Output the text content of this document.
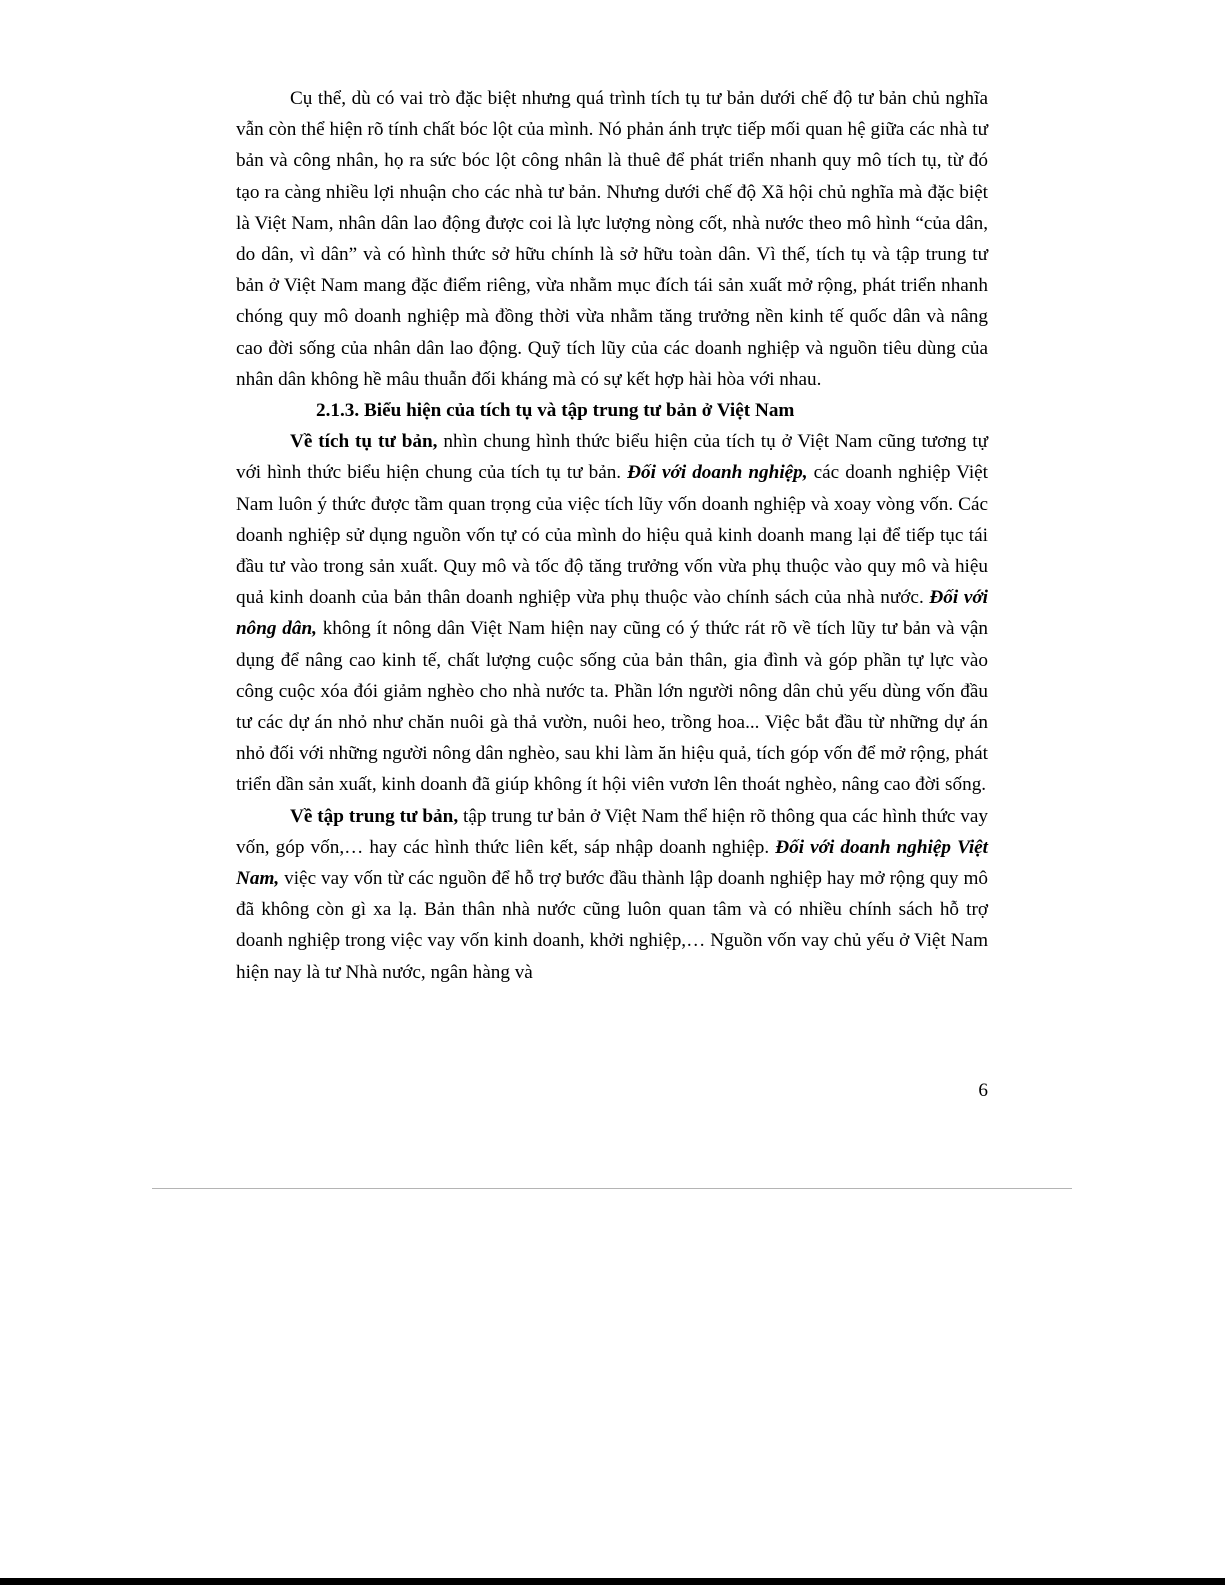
Cụ thể, dù có vai trò đặc biệt nhưng quá trình tích tụ tư bản dưới chế độ tư bản chủ nghĩa vẫn còn thể hiện rõ tính chất bóc lột của mình. Nó phản ánh trực tiếp mối quan hệ giữa các nhà tư bản và công nhân, họ ra sức bóc lột công nhân là thuê để phát triển nhanh quy mô tích tụ, từ đó tạo ra càng nhiều lợi nhuận cho các nhà tư bản. Nhưng dưới chế độ Xã hội chủ nghĩa mà đặc biệt là Việt Nam, nhân dân lao động được coi là lực lượng nòng cốt, nhà nước theo mô hình “của dân, do dân, vì dân” và có hình thức sở hữu chính là sở hữu toàn dân. Vì thế, tích tụ và tập trung tư bản ở Việt Nam mang đặc điểm riêng, vừa nhằm mục đích tái sản xuất mở rộng, phát triển nhanh chóng quy mô doanh nghiệp mà đồng thời vừa nhằm tăng trưởng nền kinh tế quốc dân và nâng cao đời sống của nhân dân lao động. Quỹ tích lũy của các doanh nghiệp và nguồn tiêu dùng của nhân dân không hề mâu thuẫn đối kháng mà có sự kết hợp hài hòa với nhau.

2.1.3. Biểu hiện của tích tụ và tập trung tư bản ở Việt Nam

Về tích tụ tư bản, nhìn chung hình thức biểu hiện của tích tụ ở Việt Nam cũng tương tự với hình thức biểu hiện chung của tích tụ tư bản. Đối với doanh nghiệp, các doanh nghiệp Việt Nam luôn ý thức được tầm quan trọng của việc tích lũy vốn doanh nghiệp và xoay vòng vốn. Các doanh nghiệp sử dụng nguồn vốn tự có của mình do hiệu quả kinh doanh mang lại để tiếp tục tái đầu tư vào trong sản xuất. Quy mô và tốc độ tăng trưởng vốn vừa phụ thuộc vào quy mô và hiệu quả kinh doanh của bản thân doanh nghiệp vừa phụ thuộc vào chính sách của nhà nước. Đối với nông dân, không ít nông dân Việt Nam hiện nay cũng có ý thức rát rõ về tích lũy tư bản và vận dụng để nâng cao kinh tế, chất lượng cuộc sống của bản thân, gia đình và góp phần tự lực vào công cuộc xóa đói giảm nghèo cho nhà nước ta. Phần lớn người nông dân chủ yếu dùng vốn đầu tư các dự án nhỏ như chăn nuôi gà thả vườn, nuôi heo, trồng hoa... Việc bắt đầu từ những dự án nhỏ đối với những người nông dân nghèo, sau khi làm ăn hiệu quả, tích góp vốn để mở rộng, phát triển dần sản xuất, kinh doanh đã giúp không ít hội viên vươn lên thoát nghèo, nâng cao đời sống.

Về tập trung tư bản, tập trung tư bản ở Việt Nam thể hiện rõ thông qua các hình thức vay vốn, góp vốn,… hay các hình thức liên kết, sáp nhập doanh nghiệp. Đối với doanh nghiệp Việt Nam, việc vay vốn từ các nguồn để hỗ trợ bước đầu thành lập doanh nghiệp hay mở rộng quy mô đã không còn gì xa lạ. Bản thân nhà nước cũng luôn quan tâm và có nhiều chính sách hỗ trợ doanh nghiệp trong việc vay vốn kinh doanh, khởi nghiệp,… Nguồn vốn vay chủ yếu ở Việt Nam hiện nay là tư Nhà nước, ngân hàng và

6
